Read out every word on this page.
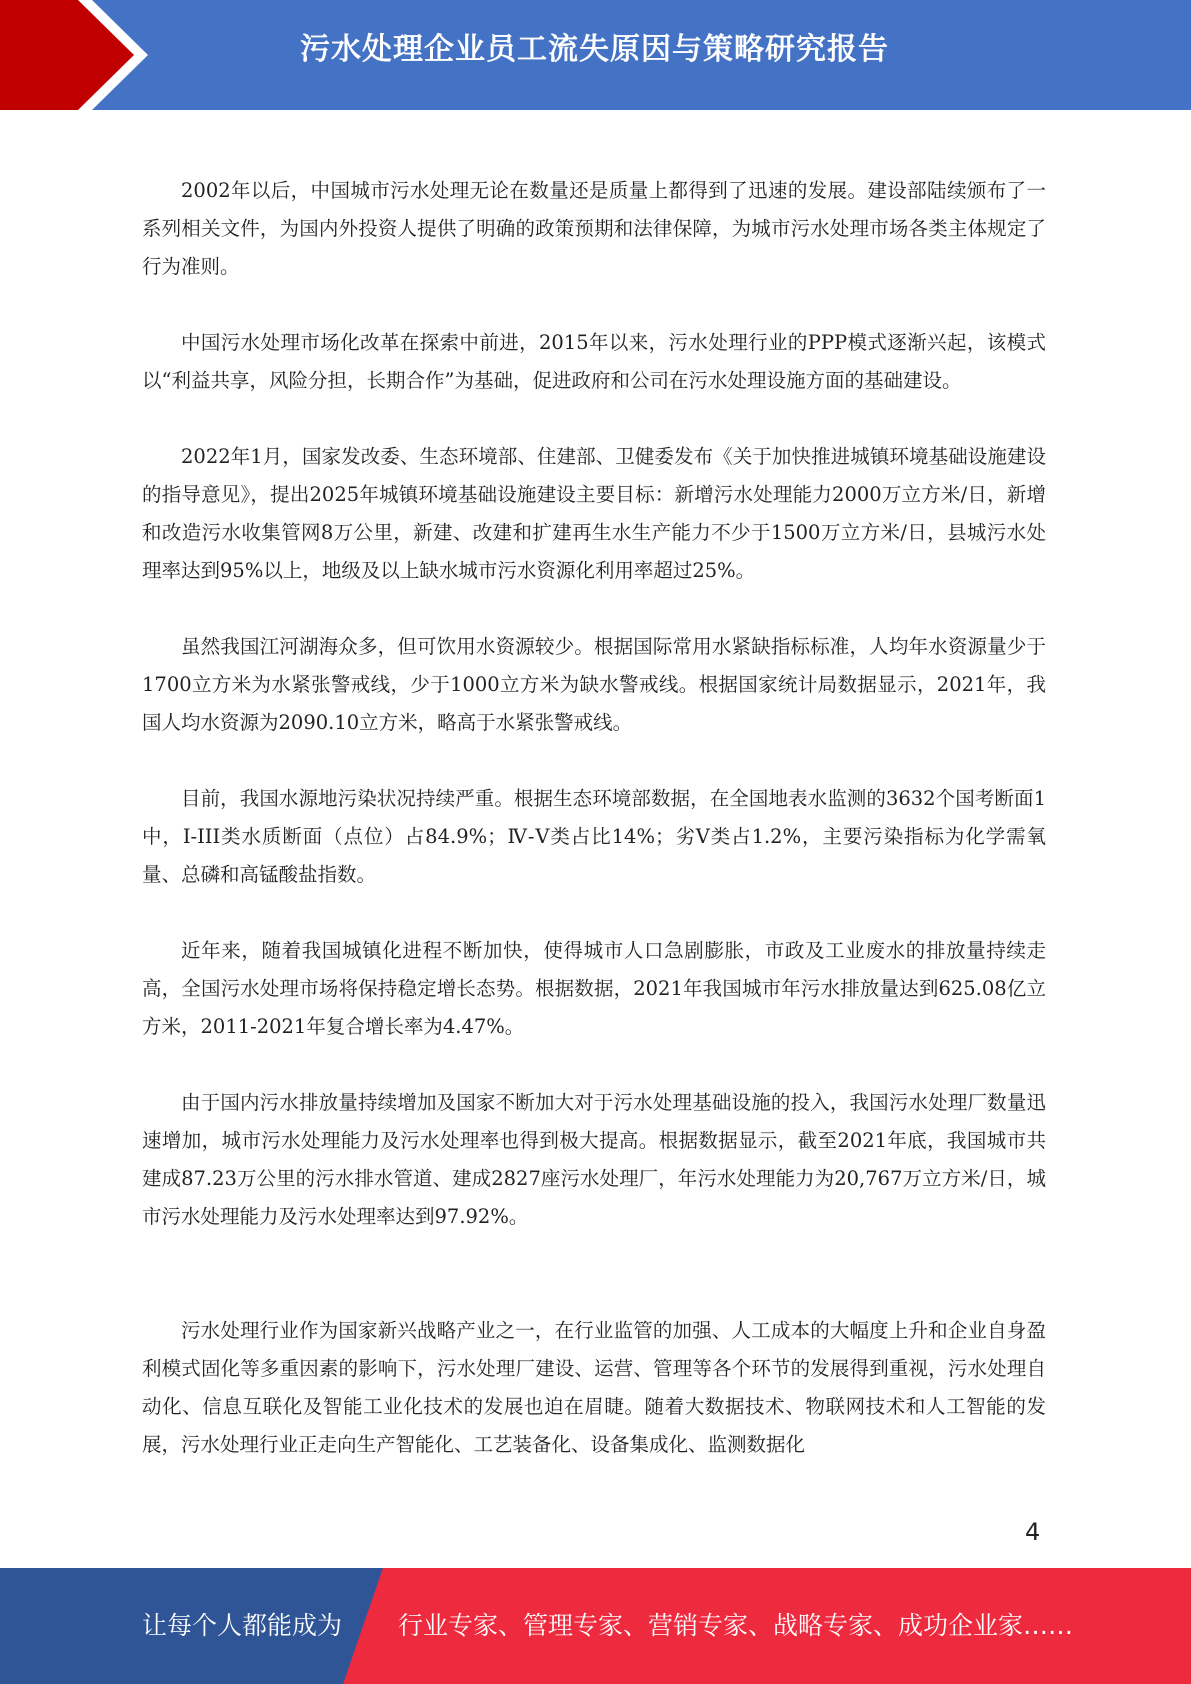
污水处理企业员工流失原因与策略研究报告

2002年以后，中国城市污水处理无论在数量还是质量上都得到了迅速的发展。建设部陆续颁布了一系列相关文件，为国内外投资人提供了明确的政策预期和法律保障，为城市污水处理市场各类主体规定了行为准则。

中国污水处理市场化改革在探索中前进，2015年以来，污水处理行业的PPP模式逐渐兴起，该模式以“利益共享，风险分担，长期合作”为基础，促进政府和公司在污水处理设施方面的基础建设。

2022年1月，国家发改委、生态环境部、住建部、卫健委发布《关于加快推进城镇环境基础设施建设的指导意见》，提出2025年城镇环境基础设施建设主要目标：新增污水处理能力2000万立方米/日，新增和改造污水收集管网8万公里，新建、改建和扩建再生水生产能力不少于1500万立方米/日，县城污水处理率达到95%以上，地级及以上缺水城市污水资源化利用率超过25%。

虽然我国江河湖海众多，但可饮用水资源较少。根据国际常用水紧缺指标标准，人均年水资源量少于1700立方米为水紧张警戒线，少于1000立方米为缺水警戒线。根据国家统计局数据显示，2021年，我国人均水资源为2090.10立方米，略高于水紧张警戒线。

目前，我国水源地污染状况持续严重。根据生态环境部数据，在全国地表水监测的3632个国考断面1中，I-III类水质断面（点位）占84.9%；Ⅳ-Ⅴ类占比14%；劣Ⅴ类占1.2%，主要污染指标为化学需氧量、总磷和高锰酸盐指数。

近年来，随着我国城镇化进程不断加快，使得城市人口急剧膨胀，市政及工业废水的排放量持续走高，全国污水处理市场将保持稳定增长态势。根据数据，2021年我国城市年污水排放量达到625.08亿立方米，2011-2021年复合增长率为4.47%。

由于国内污水排放量持续增加及国家不断加大对于污水处理基础设施的投入，我国污水处理厂数量迅速增加，城市污水处理能力及污水处理率也得到极大提高。根据数据显示，截至2021年底，我国城市共建成87.23万公里的污水排水管道、建成2827座污水处理厂，年污水处理能力为20,767万立方米/日，城市污水处理能力及污水处理率达到97.92%。

污水处理行业作为国家新兴战略产业之一，在行业监管的加强、人工成本的大幅度上升和企业自身盈利模式固化等多重因素的影响下，污水处理厂建设、运营、管理等各个环节的发展得到重视，污水处理自动化、信息互联化及智能工业化技术的发展也迫在眉睫。随着大数据技术、物联网技术和人工智能的发展，污水处理行业正走向生产智能化、工艺装备化、设备集成化、监测数据化

4
让每个人都能成为 行业专家、管理专家、营销专家、战略专家、成功企业家……
